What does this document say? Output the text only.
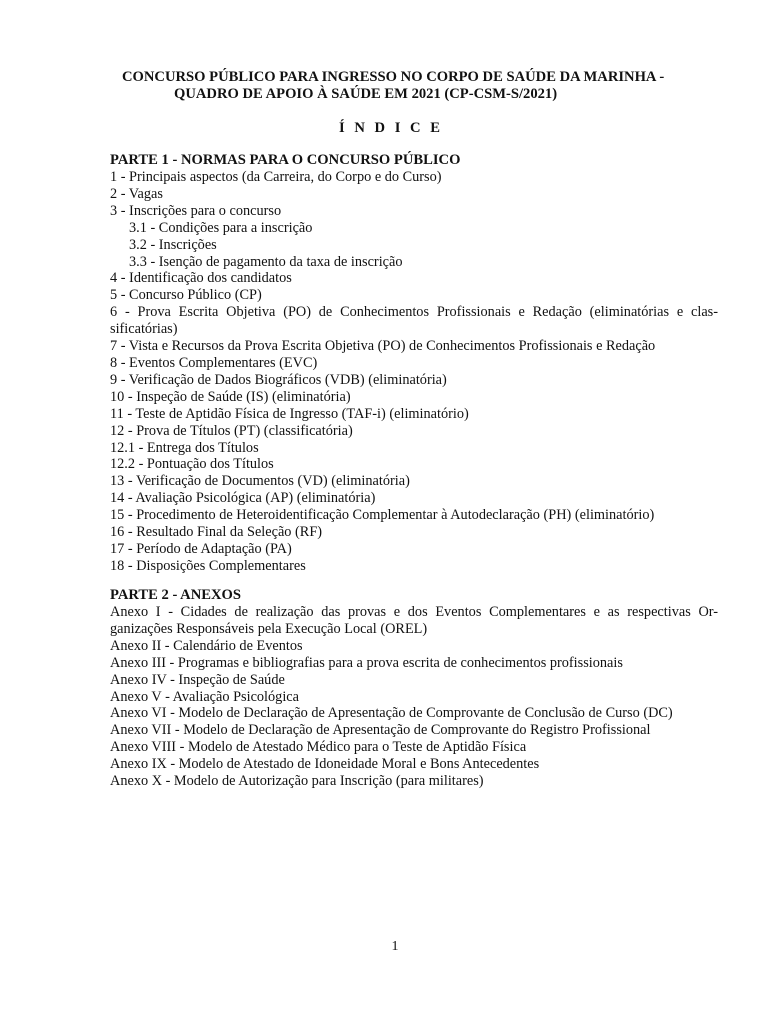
CONCURSO PÚBLICO PARA INGRESSO NO CORPO DE SAÚDE DA MARINHA -
QUADRO DE APOIO À SAÚDE EM 2021 (CP-CSM-S/2021)
Í N D I C E
PARTE 1 - NORMAS PARA O CONCURSO PÚBLICO
1 - Principais aspectos (da Carreira, do Corpo e do Curso)
2 - Vagas
3 - Inscrições para o concurso
3.1 - Condições para a inscrição
3.2 - Inscrições
3.3 - Isenção de pagamento da taxa de inscrição
4 - Identificação dos candidatos
5 - Concurso Público (CP)
6 - Prova Escrita Objetiva (PO) de Conhecimentos Profissionais e Redação (eliminatórias e clas-sificatórias)
7 - Vista e Recursos da Prova Escrita Objetiva (PO) de Conhecimentos Profissionais e Redação
8 - Eventos Complementares (EVC)
9 - Verificação de Dados Biográficos (VDB) (eliminatória)
10 - Inspeção de Saúde (IS) (eliminatória)
11 - Teste de Aptidão Física de Ingresso (TAF-i) (eliminatório)
12 - Prova de Títulos (PT) (classificatória)
12.1 - Entrega dos Títulos
12.2 - Pontuação dos Títulos
13 - Verificação de Documentos (VD) (eliminatória)
14 - Avaliação Psicológica (AP) (eliminatória)
15 - Procedimento de Heteroidentificação Complementar à Autodeclaração (PH) (eliminatório)
16 - Resultado Final da Seleção (RF)
17 - Período de Adaptação (PA)
18 - Disposições Complementares
PARTE 2 - ANEXOS
Anexo I - Cidades de realização das provas e dos Eventos Complementares e as respectivas Or-ganizações Responsáveis pela Execução Local (OREL)
Anexo II - Calendário de Eventos
Anexo III - Programas e bibliografias para a prova escrita de conhecimentos profissionais
Anexo IV - Inspeção de Saúde
Anexo V - Avaliação Psicológica
Anexo VI - Modelo de Declaração de Apresentação de Comprovante de Conclusão de Curso (DC)
Anexo VII - Modelo de Declaração de Apresentação de Comprovante do Registro Profissional
Anexo VIII - Modelo de Atestado Médico para o Teste de Aptidão Física
Anexo IX - Modelo de Atestado de Idoneidade Moral e Bons Antecedentes
Anexo X - Modelo de Autorização para Inscrição (para militares)
1
